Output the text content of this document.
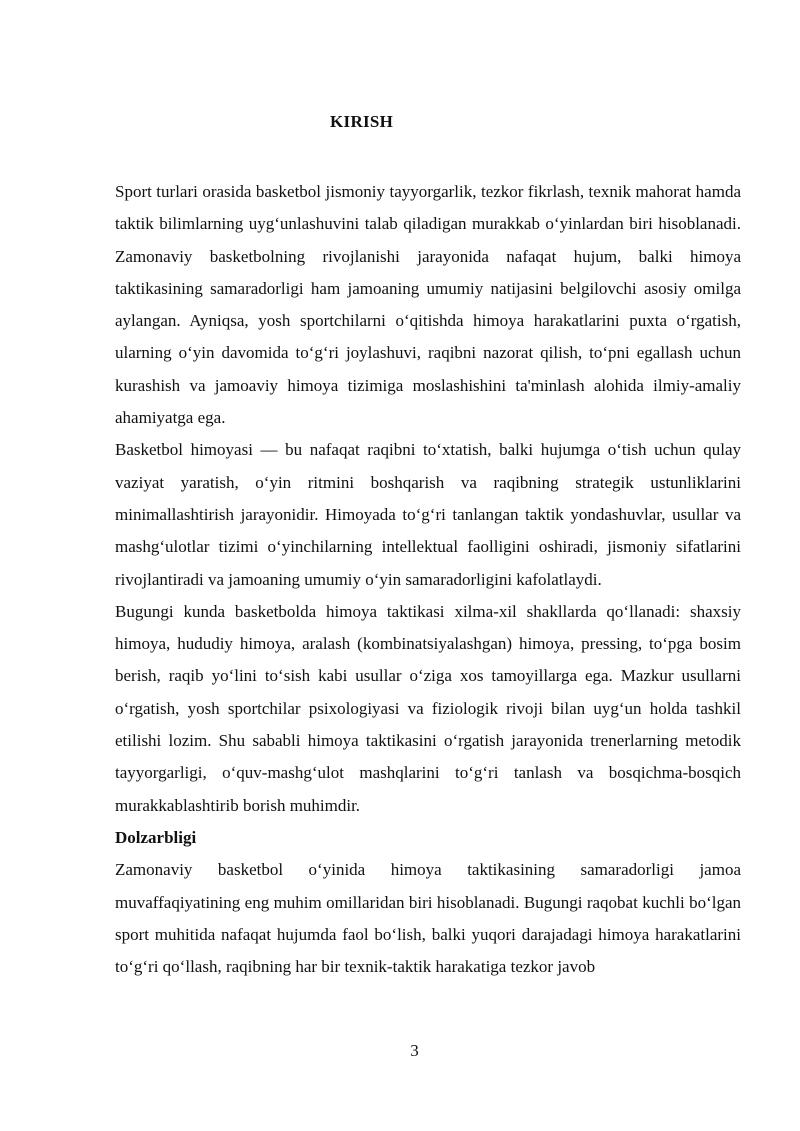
KIRISH

Sport turlari orasida basketbol jismoniy tayyorgarlik, tezkor fikrlash, texnik mahorat hamda taktik bilimlarning uyg‘unlashuvini talab qiladigan murakkab o‘yinlardan biri hisoblanadi. Zamonaviy basketbolning rivojlanishi jarayonida nafaqat hujum, balki himoya taktikasining samaradorligi ham jamoaning umumiy natijasini belgilovchi asosiy omilga aylangan. Ayniqsa, yosh sportchilarni o‘qitishda himoya harakatlarini puxta o‘rgatish, ularning o‘yin davomida to‘g‘ri joylashuvi, raqibni nazorat qilish, to‘pni egallash uchun kurashish va jamoaviy himoya tizimiga moslashishini ta'minlash alohida ilmiy-amaliy ahamiyatga ega.

Basketbol himoyasi — bu nafaqat raqibni to‘xtatish, balki hujumga o‘tish uchun qulay vaziyat yaratish, o‘yin ritmini boshqarish va raqibning strategik ustunliklarini minimallashtirish jarayonidir. Himoyada to‘g‘ri tanlangan taktik yondashuvlar, usullar va mashg‘ulotlar tizimi o‘yinchilarning intellektual faolligini oshiradi, jismoniy sifatlarini rivojlantiradi va jamoaning umumiy o‘yin samaradorligini kafolatlaydi.

Bugungi kunda basketbolda himoya taktikasi xilma-xil shakllarda qo‘llanadi: shaxsiy himoya, hududiy himoya, aralash (kombinatsiyalashgan) himoya, pressing, to‘pga bosim berish, raqib yo‘lini to‘sish kabi usullar o‘ziga xos tamoyillarga ega. Mazkur usullarni o‘rgatish, yosh sportchilar psixologiyasi va fiziologik rivoji bilan uyg‘un holda tashkil etilishi lozim. Shu sababli himoya taktikasini o‘rgatish jarayonida trenerlarning metodik tayyorgarligi, o‘quv-mashg‘ulot mashqlarini to‘g‘ri tanlash va bosqichma-bosqich murakkablashtirib borish muhimdir.

Dolzarbligi

Zamonaviy basketbol o‘yinida himoya taktikasining samaradorligi jamoa muvaffaqiyatining eng muhim omillaridan biri hisoblanadi. Bugungi raqobat kuchli bo‘lgan sport muhitida nafaqat hujumda faol bo‘lish, balki yuqori darajadagi himoya harakatlarini to‘g‘ri qo‘llash, raqibning har bir texnik-taktik harakatiga tezkor javob

3
